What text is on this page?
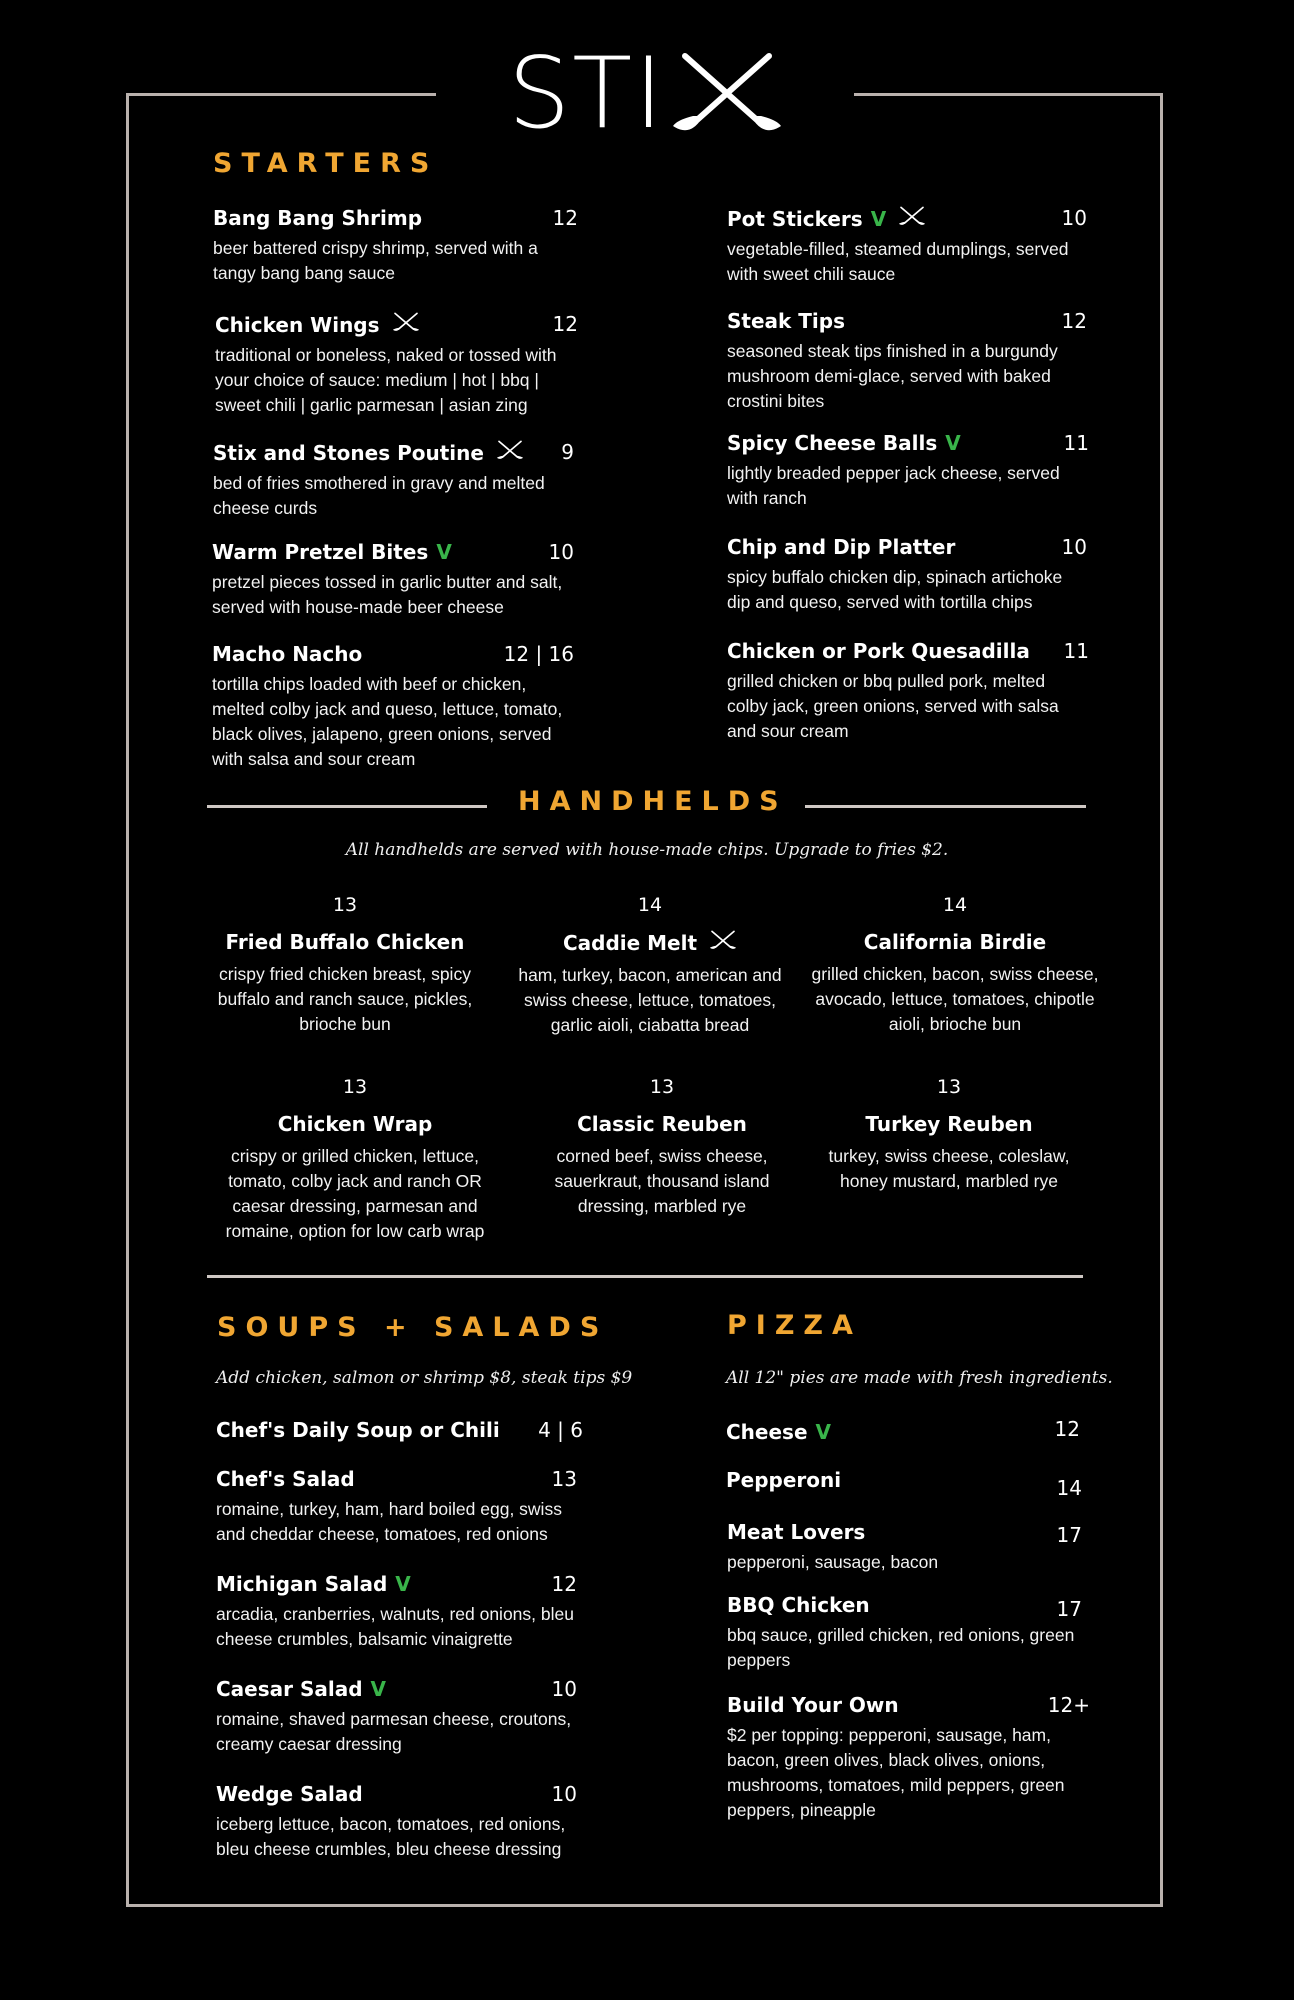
STI
STARTERS
Bang Bang Shrimp	12
beer battered crispy shrimp, served with a tangy bang bang sauce
Chicken Wings	12
traditional or boneless, naked or tossed with your choice of sauce: medium | hot | bbq | sweet chili | garlic parmesan | asian zing
Stix and Stones Poutine	9
bed of fries smothered in gravy and melted cheese curds
Warm Pretzel Bites V	10
pretzel pieces tossed in garlic butter and salt, served with house-made beer cheese
Macho Nacho	12 | 16
tortilla chips loaded with beef or chicken, melted colby jack and queso, lettuce, tomato, black olives, jalapeno, green onions, served with salsa and sour cream
Pot Stickers V	10
vegetable-filled, steamed dumplings, served with sweet chili sauce
Steak Tips	12
seasoned steak tips finished in a burgundy mushroom demi-glace, served with baked crostini bites
Spicy Cheese Balls V	11
lightly breaded pepper jack cheese, served with ranch
Chip and Dip Platter	10
spicy buffalo chicken dip, spinach artichoke dip and queso, served with tortilla chips
Chicken or Pork Quesadilla	11
grilled chicken or bbq pulled pork, melted colby jack, green onions, served with salsa and sour cream
HANDHELDS
All handhelds are served with house-made chips. Upgrade to fries $2.
13
Fried Buffalo Chicken
crispy fried chicken breast, spicy buffalo and ranch sauce, pickles, brioche bun
14
Caddie Melt
ham, turkey, bacon, american and swiss cheese, lettuce, tomatoes, garlic aioli, ciabatta bread
14
California Birdie
grilled chicken, bacon, swiss cheese, avocado, lettuce, tomatoes, chipotle aioli, brioche bun
13
Chicken Wrap
crispy or grilled chicken, lettuce, tomato, colby jack and ranch OR caesar dressing, parmesan and romaine, option for low carb wrap
13
Classic Reuben
corned beef, swiss cheese, sauerkraut, thousand island dressing, marbled rye
13
Turkey Reuben
turkey, swiss cheese, coleslaw, honey mustard, marbled rye
SOUPS + SALADS
Add chicken, salmon or shrimp $8, steak tips $9
Chef's Daily Soup or Chili	4 | 6
Chef's Salad	13
romaine, turkey, ham, hard boiled egg, swiss and cheddar cheese, tomatoes, red onions
Michigan Salad V	12
arcadia, cranberries, walnuts, red onions, bleu cheese crumbles, balsamic vinaigrette
Caesar Salad V	10
romaine, shaved parmesan cheese, croutons, creamy caesar dressing
Wedge Salad	10
iceberg lettuce, bacon, tomatoes, red onions, bleu cheese crumbles, bleu cheese dressing
PIZZA
All 12" pies are made with fresh ingredients.
Cheese V	12
Pepperoni	14
Meat Lovers	17
pepperoni, sausage, bacon
BBQ Chicken	17
bbq sauce, grilled chicken, red onions, green peppers
Build Your Own	12+
$2 per topping: pepperoni, sausage, ham, bacon, green olives, black olives, onions, mushrooms, tomatoes, mild peppers, green peppers, pineapple
